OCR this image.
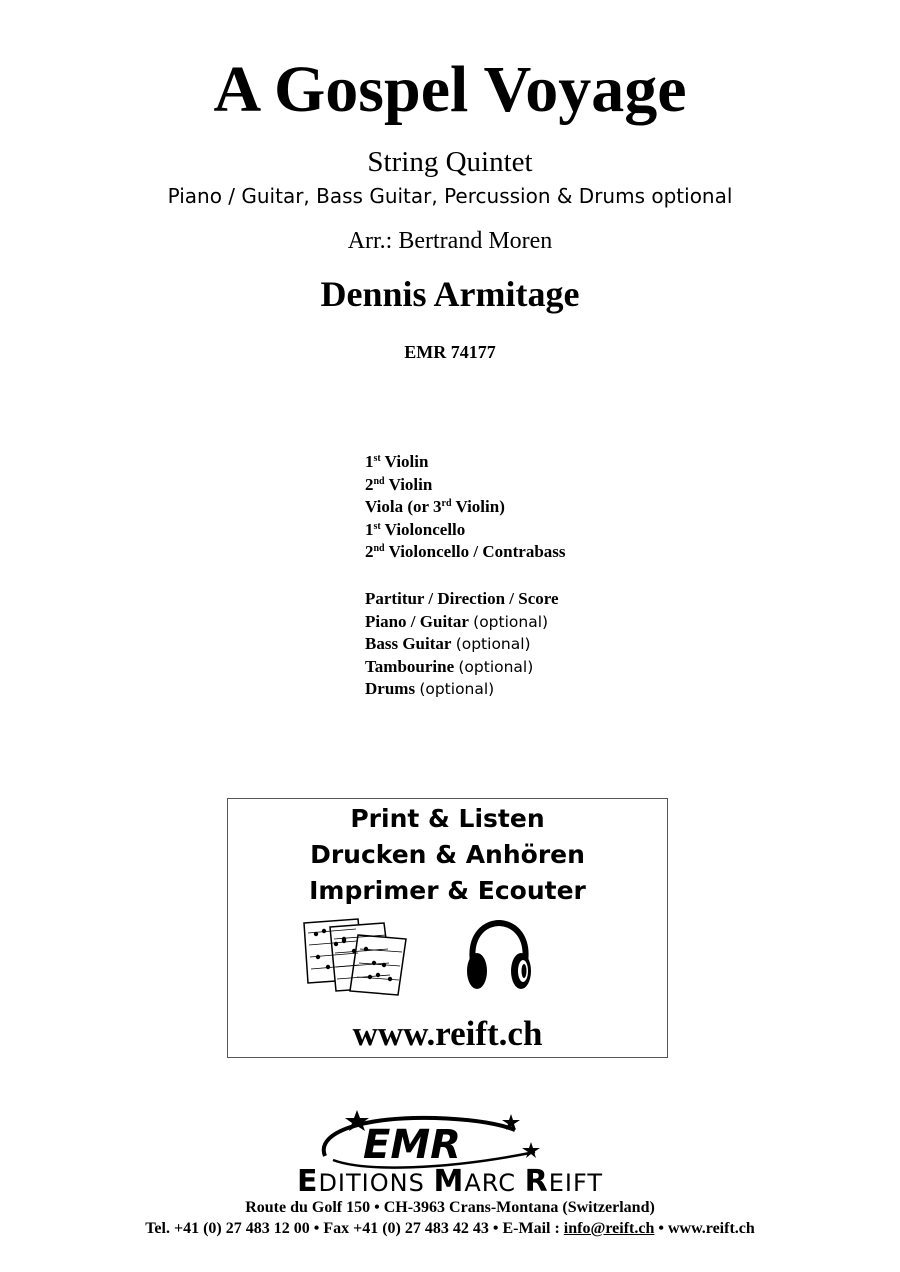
A Gospel Voyage
String Quintet
Piano / Guitar, Bass Guitar, Percussion & Drums optional
Arr.: Bertrand Moren
Dennis Armitage
EMR 74177
1st Violin
2nd Violin
Viola (or 3rd Violin)
1st Violoncello
2nd Violoncello / Contrabass
Partitur / Direction / Score
Piano / Guitar (optional)
Bass Guitar (optional)
Tambourine (optional)
Drums (optional)
Print & Listen
Drucken & Anhören
Imprimer & Ecouter
www.reift.ch
EMR
EDITIONS MARC REIFT
Route du Golf 150 • CH-3963 Crans-Montana (Switzerland)
Tel. +41 (0) 27 483 12 00 • Fax +41 (0) 27 483 42 43 • E-Mail : info@reift.ch • www.reift.ch
